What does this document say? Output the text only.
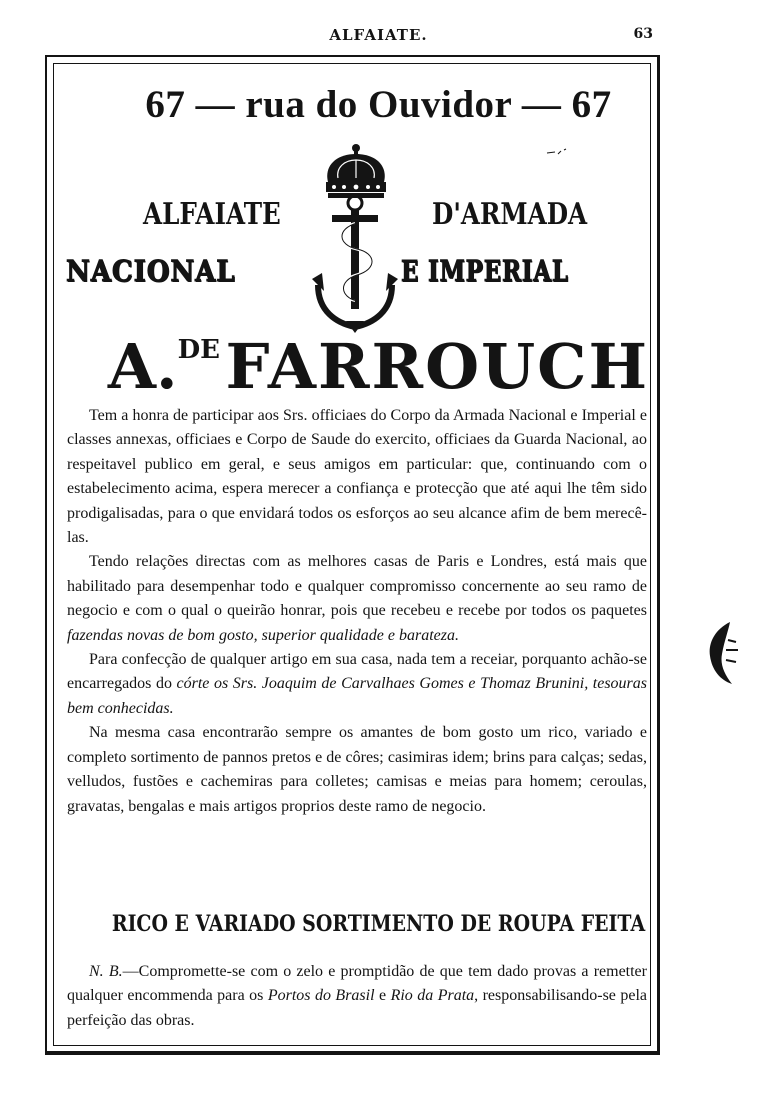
ALFAIATE.	63
67 — rua do Ouvidor — 67
ALFAIATE	D'ARMADA
NACIONAL	E IMPERIAL
A.DE FARROUCH

Tem a honra de participar aos Srs. officiaes do Corpo da Armada Nacional e Imperial e classes annexas, officiaes e Corpo de Saude do exercito, officiaes da Guarda Nacional, ao respeitavel publico em geral, e seus amigos em particular: que, continuando com o estabelecimento acima, espera merecer a confiança e protecção que até aqui lhe têm sido prodigalisadas, para o que envidará todos os esforços ao seu alcance afim de bem merecê-las.

Tendo relações directas com as melhores casas de Paris e Londres, está mais que habilitado para desempenhar todo e qualquer compromisso concernente ao seu ramo de negocio e com o qual o queirão honrar, pois que recebeu e recebe por todos os paquetes fazendas novas de bom gosto, superior qualidade e barateza.

Para confecção de qualquer artigo em sua casa, nada tem a receiar, porquanto achão-se encarregados do córte os Srs. Joaquim de Carvalhaes Gomes e Thomaz Brunini, tesouras bem conhecidas.

Na mesma casa encontrarão sempre os amantes de bom gosto um rico, variado e completo sortimento de pannos pretos e de côres; casimiras idem; brins para calças; sedas, velludos, fustões e cachemiras para colletes; camisas e meias para homem; ceroulas, gravatas, bengalas e mais artigos proprios deste ramo de negocio.

RICO E VARIADO SORTIMENTO DE ROUPA FEITA

N. B.—Compromette-se com o zelo e promptidão de que tem dado provas a remetter qualquer encommenda para os Portos do Brasil e Rio da Prata, responsabilisando-se pela perfeição das obras.
